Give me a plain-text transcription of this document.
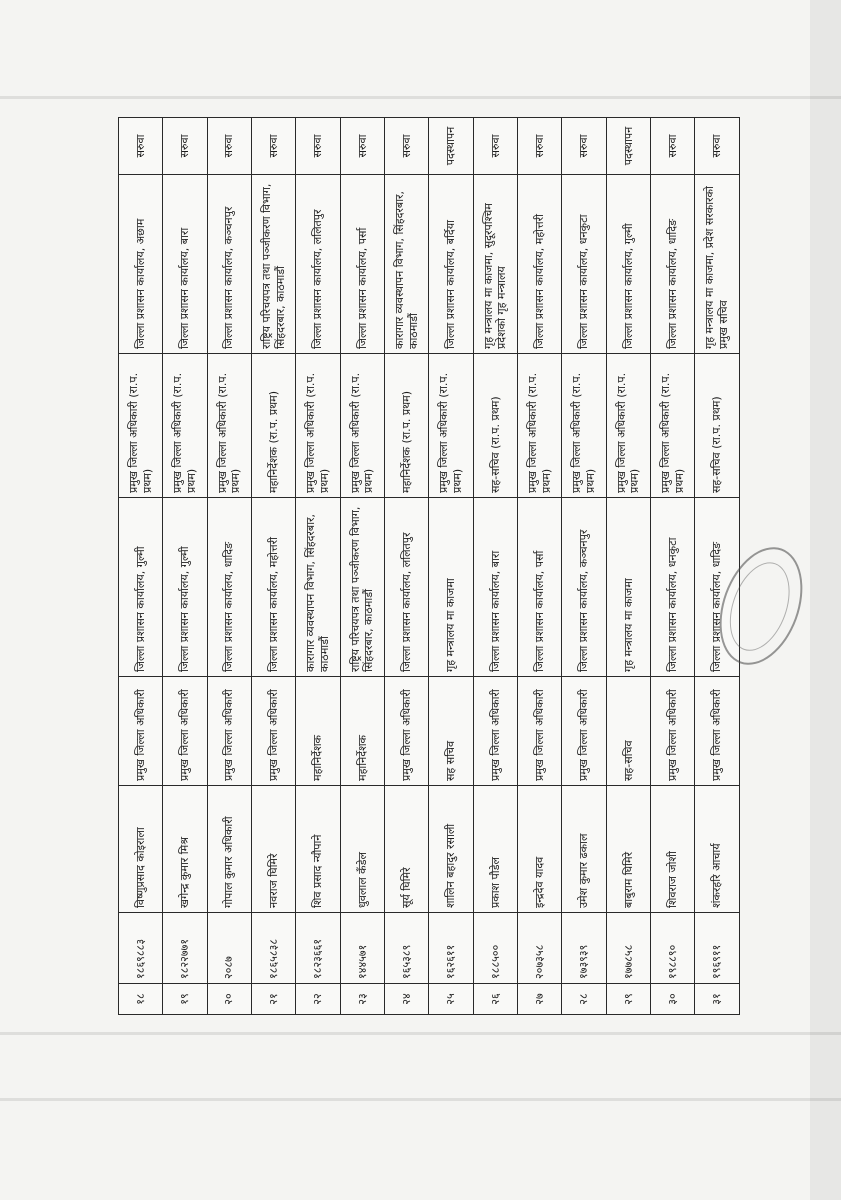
१८	१८६९८८३	विष्णुप्रसाद कोइराला	प्रमुख जिल्ला अधिकारी	जिल्ला प्रशासन कार्यालय, गुल्मी	प्रमुख जिल्ला अधिकारी (रा.प. प्रथम)	जिल्ला प्रशासन कार्यालय, अछाम	सरुवा
१९	१८२२७७१	खगेन्द्र कुमार मिश्र	प्रमुख जिल्ला अधिकारी	जिल्ला प्रशासन कार्यालय, गुल्मी	प्रमुख जिल्ला अधिकारी (रा.प. प्रथम)	जिल्ला प्रशासन कार्यालय, बारा	सरुवा
२०	२०८७	गोपाल कुमार अधिकारी	प्रमुख जिल्ला अधिकारी	जिल्ला प्रशासन कार्यालय, धादिङ	प्रमुख जिल्ला अधिकारी (रा.प. प्रथम)	जिल्ला प्रशासन कार्यालय, कञ्चनपुर	सरुवा
२१	१८६५८३८	नवराज घिमिरे	प्रमुख जिल्ला अधिकारी	जिल्ला प्रशासन कार्यालय, महोत्तरी	महानिर्देशक (रा.प. प्रथम)	राष्ट्रिय परिचयपत्र तथा पञ्जीकरण विभाग, सिंहदरबार, काठमाडौं	सरुवा
२२	१८२३६६१	शिव प्रसाद न्यौपाने	महानिर्देशक	कारागार व्यवस्थापन विभाग, सिंहदरबार, काठमाडौं	प्रमुख जिल्ला अधिकारी (रा.प. प्रथम)	जिल्ला प्रशासन कार्यालय, ललितपुर	सरुवा
२३	१४४५७१	धुवलाल कँडेल	महानिर्देशक	राष्ट्रिय परिचयपत्र तथा पञ्जीकरण विभाग, सिंहदरबार, काठमाडौं	प्रमुख जिल्ला अधिकारी (रा.प. प्रथम)	जिल्ला प्रशासन कार्यालय, पर्सा	सरुवा
२४	१६५३८९	सूर्य घिमिरे	प्रमुख जिल्ला अधिकारी	जिल्ला प्रशासन कार्यालय, ललितपुर	महानिर्देशक (रा.प. प्रथम)	कारागार व्यवस्थापन विभाग, सिंहदरबार, काठमाडौं	सरुवा
२५	१६२६११	शालिन बहादुर रसाली	सह सचिव	गृह मन्त्रालय मा काजमा	प्रमुख जिल्ला अधिकारी (रा.प. प्रथम)	जिल्ला प्रशासन कार्यालय, बर्दिया	पदस्थापन
२६	१८८५००	प्रकाश पौडेल	प्रमुख जिल्ला अधिकारी	जिल्ला प्रशासन कार्यालय, बारा	सह-सचिव (रा.प. प्रथम)	गृह मन्त्रालय मा काजमा, सुदूरपश्चिम प्रदेशको गृह मन्त्रालय	सरुवा
२७	२०७३५८	इन्द्रदेव यादव	प्रमुख जिल्ला अधिकारी	जिल्ला प्रशासन कार्यालय, पर्सा	प्रमुख जिल्ला अधिकारी (रा.प. प्रथम)	जिल्ला प्रशासन कार्यालय, महोत्तरी	सरुवा
२८	१७३९३९	उमेश कुमार ढकाल	प्रमुख जिल्ला अधिकारी	जिल्ला प्रशासन कार्यालय, कञ्चनपुर	प्रमुख जिल्ला अधिकारी (रा.प. प्रथम)	जिल्ला प्रशासन कार्यालय, धनकुटा	सरुवा
२९	१७७८५८	बाबुराम घिमिरे	सह-सचिव	गृह मन्त्रालय मा काजमा	प्रमुख जिल्ला अधिकारी (रा.प. प्रथम)	जिल्ला प्रशासन कार्यालय, गुल्मी	पदस्थापन
३०	१९८८९०	शिवराज जोशी	प्रमुख जिल्ला अधिकारी	जिल्ला प्रशासन कार्यालय, धनकुटा	प्रमुख जिल्ला अधिकारी (रा.प. प्रथम)	जिल्ला प्रशासन कार्यालय, धादिङ	सरुवा
३१	१९६९११	शंकरहरि आचार्य	प्रमुख जिल्ला अधिकारी	जिल्ला प्रशासन कार्यालय, धादिङ	सह-सचिव (रा.प. प्रथम)	गृह मन्त्रालय मा काजमा, प्रदेश सरकारको प्रमुख सचिव	सरुवा
